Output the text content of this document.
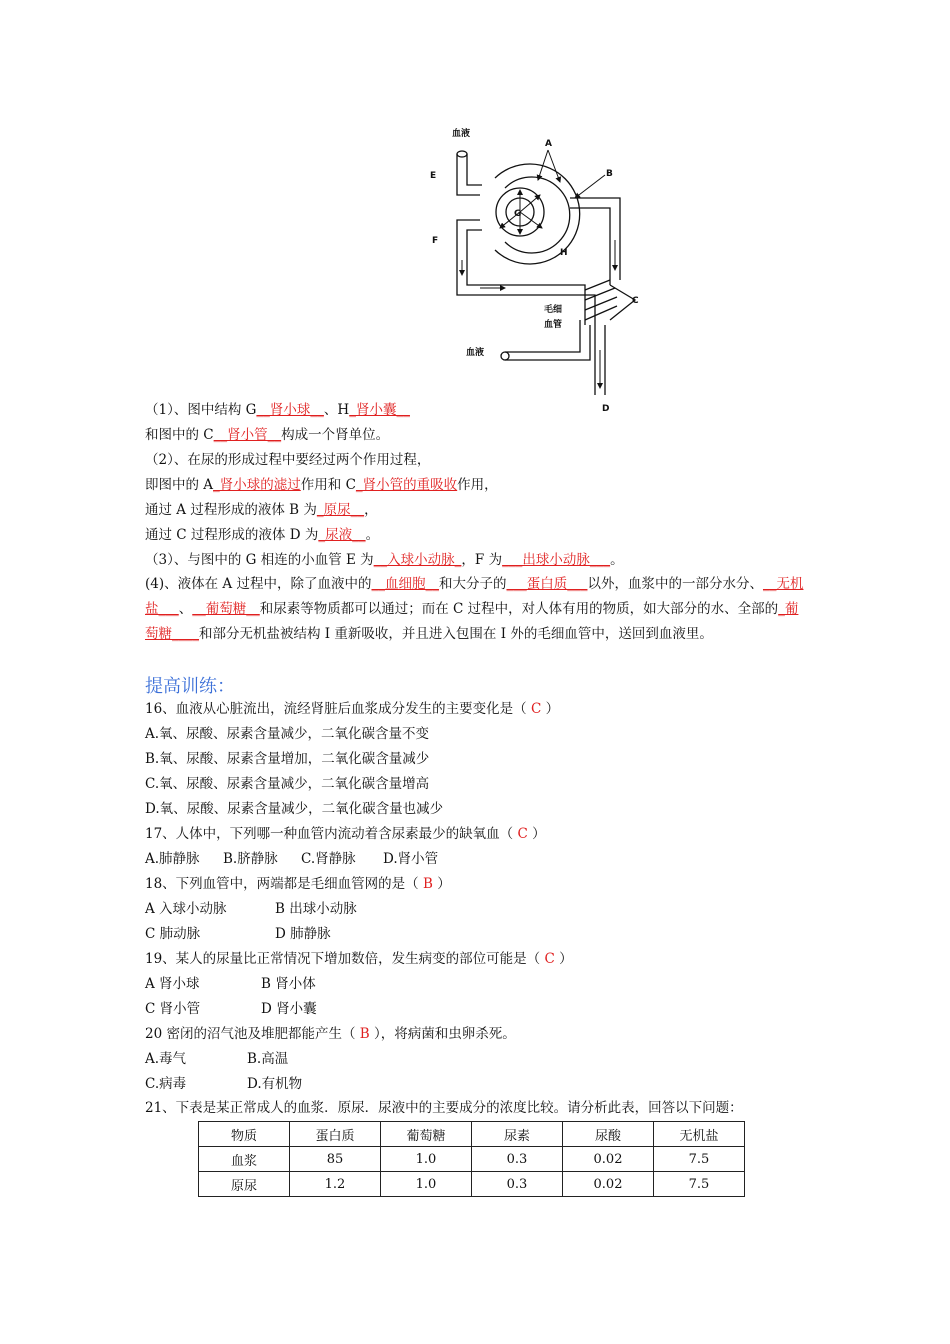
血液
A
B
C
D
E
F
G
H
毛细
血管
血液
（1）、图中结构 G__肾小球__、H_肾小囊__
和图中的 C__肾小管__构成一个肾单位。
（2）、在尿的形成过程中要经过两个作用过程，
即图中的 A_肾小球的滤过作用和 C_肾小管的重吸收作用，
通过 A 过程形成的液体 B 为_原尿__，
通过 C 过程形成的液体 D 为_尿液__。
（3）、与图中的 G 相连的小血管 E 为__入球小动脉_，F 为___出球小动脉___。
(4)、液体在 A 过程中，除了血液中的__血细胞__和大分子的___蛋白质___以外，血浆中的一部分水分、__无机盐___、__葡萄糖__和尿素等物质都可以通过；而在 C 过程中，对人体有用的物质，如大部分的水、全部的_葡萄糖____和部分无机盐被结构 I 重新吸收，并且进入包围在 I 外的毛细血管中，送回到血液里。
提高训练：
16、血液从心脏流出，流经肾脏后血浆成分发生的主要变化是（ C ）
A.氧、尿酸、尿素含量减少，二氧化碳含量不变
B.氧、尿酸、尿素含量增加，二氧化碳含量减少
C.氧、尿酸、尿素含量减少，二氧化碳含量增高
D.氧、尿酸、尿素含量减少，二氧化碳含量也减少
17、人体中，下列哪一种血管内流动着含尿素最少的缺氧血（ C ）
A.肺静脉 B.脐静脉 C.肾静脉 D.肾小管
18、下列血管中，两端都是毛细血管网的是（ B ）
A 入球小动脉	B 出球小动脉
C 肺动脉	D 肺静脉
19、某人的尿量比正常情况下增加数倍，发生病变的部位可能是（ C ）
A 肾小球	B 肾小体
C 肾小管	D 肾小囊
20 密闭的沼气池及堆肥都能产生（ B ），将病菌和虫卵杀死。
A.毒气	B.高温
C.病毒	D.有机物
21、下表是某正常成人的血浆．原尿．尿液中的主要成分的浓度比较。请分析此表，回答以下问题：
物质	蛋白质	葡萄糖	尿素	尿酸	无机盐
血浆	85	1.0	0.3	0.02	7.5
原尿	1.2	1.0	0.3	0.02	7.5
